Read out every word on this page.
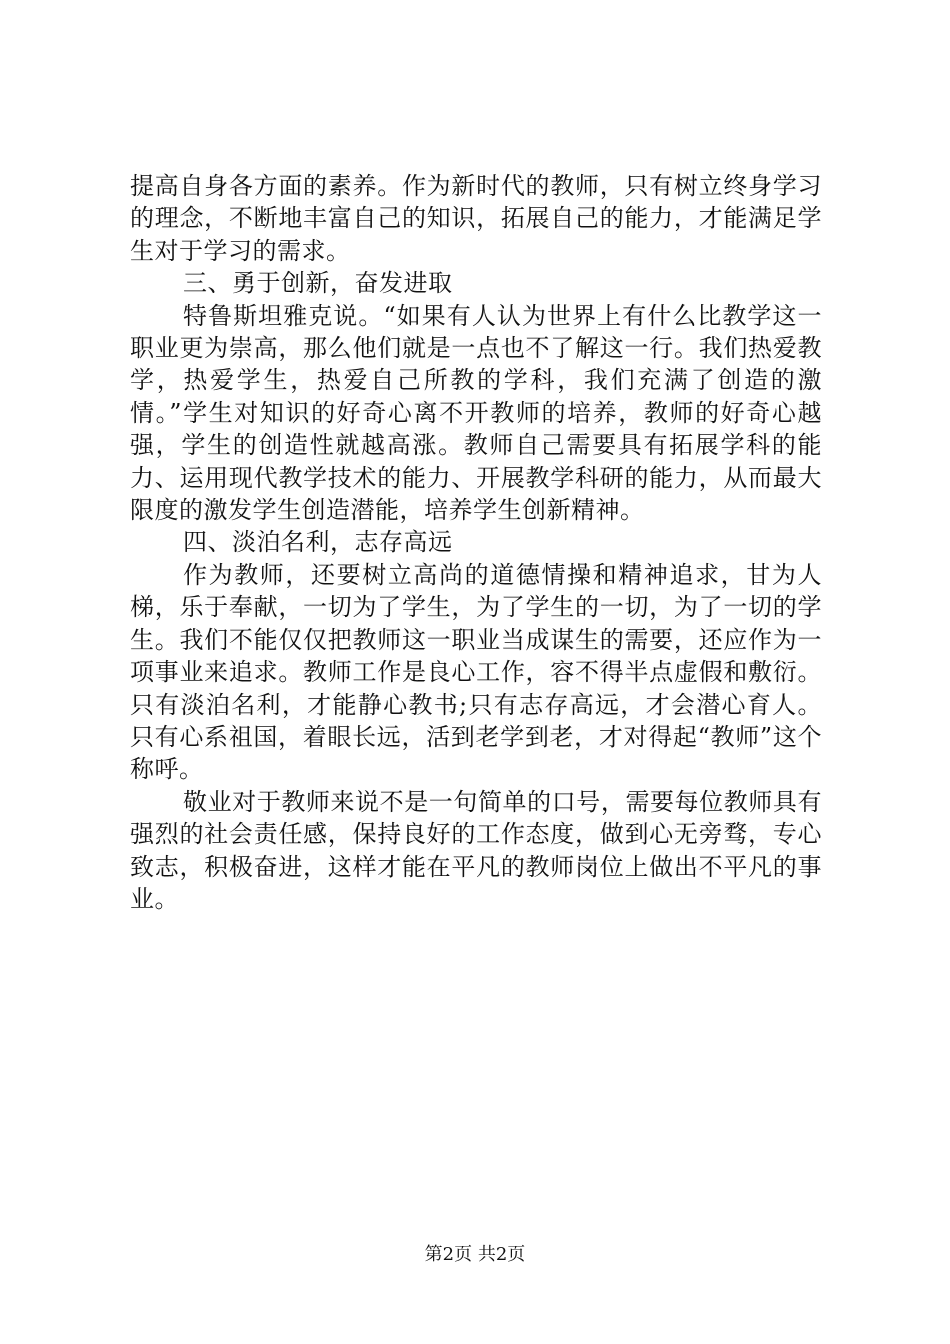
提高自身各方面的素养。作为新时代的教师，只有树立终身学习的理念，不断地丰富自己的知识，拓展自己的能力，才能满足学生对于学习的需求。

三、勇于创新，奋发进取

特鲁斯坦雅克说。“如果有人认为世界上有什么比教学这一职业更为崇高，那么他们就是一点也不了解这一行。我们热爱教学，热爱学生，热爱自己所教的学科，我们充满了创造的激情。”学生对知识的好奇心离不开教师的培养，教师的好奇心越强，学生的创造性就越高涨。教师自己需要具有拓展学科的能力、运用现代教学技术的能力、开展教学科研的能力，从而最大限度的激发学生创造潜能，培养学生创新精神。

四、淡泊名利，志存高远

作为教师，还要树立高尚的道德情操和精神追求，甘为人梯，乐于奉献，一切为了学生，为了学生的一切，为了一切的学生。我们不能仅仅把教师这一职业当成谋生的需要，还应作为一项事业来追求。教师工作是良心工作，容不得半点虚假和敷衍。只有淡泊名利，才能静心教书;只有志存高远，才会潜心育人。只有心系祖国，着眼长远，活到老学到老，才对得起“教师”这个称呼。

敬业对于教师来说不是一句简单的口号，需要每位教师具有强烈的社会责任感，保持良好的工作态度，做到心无旁骛，专心致志，积极奋进，这样才能在平凡的教师岗位上做出不平凡的事业。

第2页 共2页
